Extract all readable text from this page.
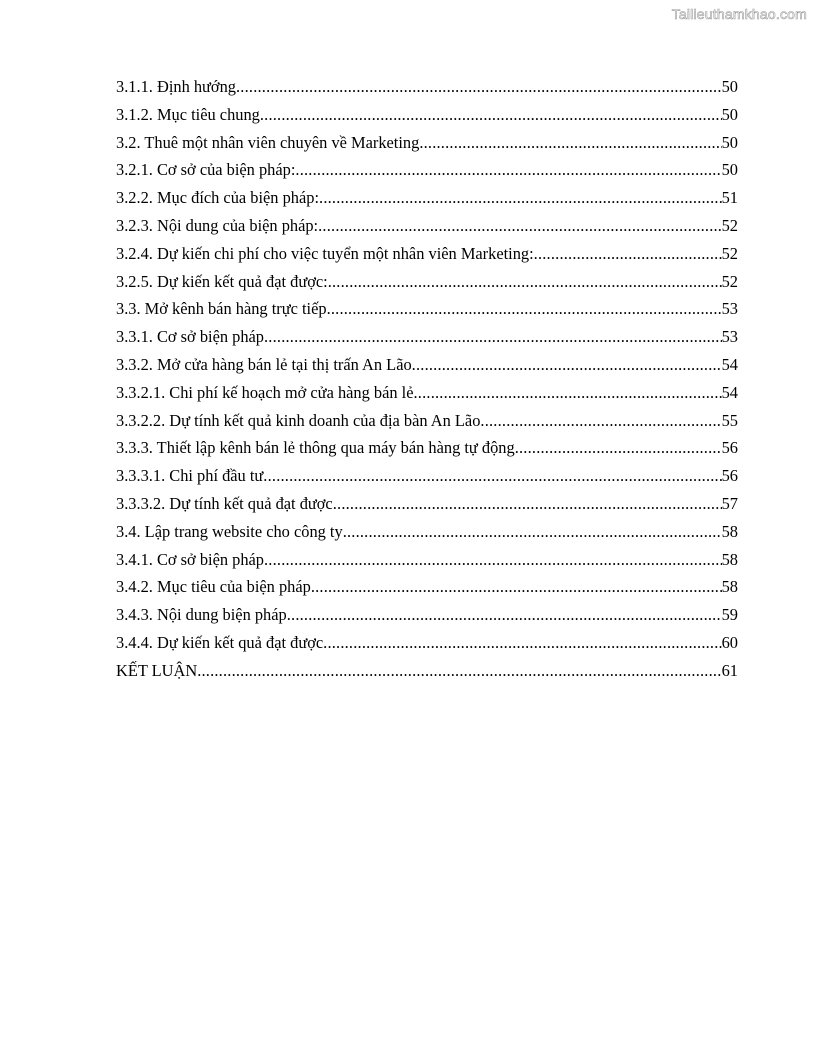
Tailieuthamkhao.com
3.1.1. Định hướng .....	50
3.1.2. Mục tiêu chung .....	50
3.2. Thuê một nhân viên chuyên về Marketing .....	50
3.2.1. Cơ sở của biện pháp: .....	50
3.2.2. Mục đích của biện pháp: .....	51
3.2.3. Nội dung của biện pháp: .....	52
3.2.4. Dự kiến chi phí cho việc tuyển một nhân viên Marketing: .....	52
3.2.5. Dự kiến kết quả đạt được: .....	52
3.3. Mở kênh bán hàng trực tiếp .....	53
3.3.1. Cơ sở biện pháp .....	53
3.3.2. Mở cửa hàng bán lẻ tại thị trấn An Lão .....	54
3.3.2.1. Chi phí kế hoạch mở cửa hàng bán lẻ .....	54
3.3.2.2. Dự tính kết quả kinh doanh của địa bàn An Lão .....	55
3.3.3. Thiết lập kênh bán lẻ thông qua máy bán hàng tự động .....	56
3.3.3.1. Chi phí đầu tư .....	56
3.3.3.2. Dự tính kết quả đạt được .....	57
3.4. Lập trang website cho công ty .....	58
3.4.1. Cơ sở biện pháp .....	58
3.4.2. Mục tiêu của biện pháp .....	58
3.4.3. Nội dung biện pháp .....	59
3.4.4. Dự kiến kết quả đạt được .....	60
KẾT LUẬN .....	61
